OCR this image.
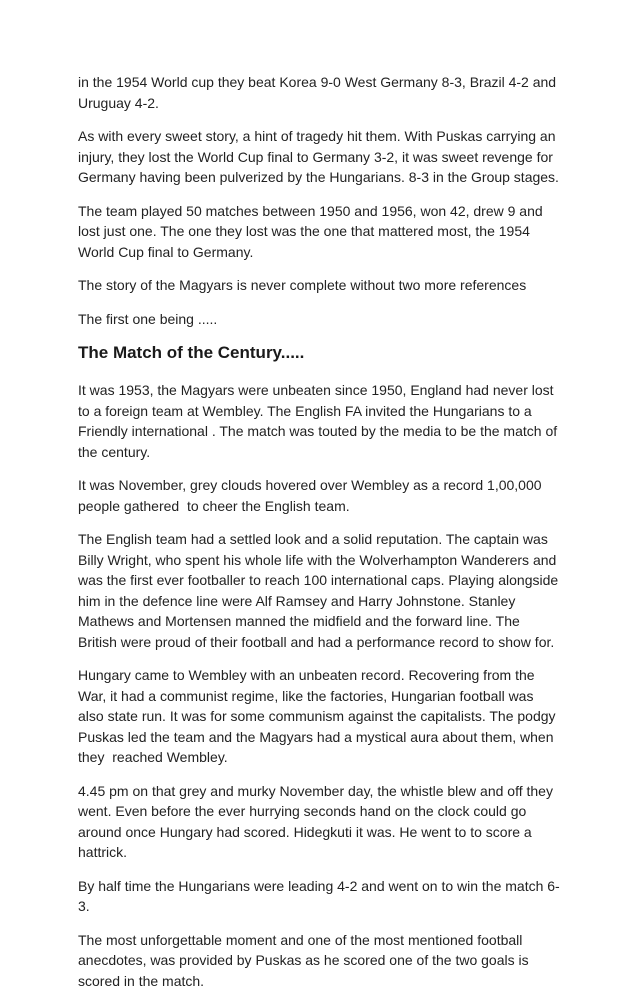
in the 1954 World cup they beat Korea 9-0 West Germany 8-3, Brazil 4-2 and Uruguay 4-2.

As with every sweet story, a hint of tragedy hit them. With Puskas carrying an injury, they lost the World Cup final to Germany 3-2, it was sweet revenge for Germany having been pulverized by the Hungarians. 8-3 in the Group stages.

The team played 50 matches between 1950 and 1956, won 42, drew 9 and lost just one. The one they lost was the one that mattered most, the 1954 World Cup final to Germany.

The story of the Magyars is never complete without two more references

The first one being .....

The Match of the Century.....

It was 1953, the Magyars were unbeaten since 1950, England had never lost to a foreign team at Wembley. The English FA invited the Hungarians to a Friendly international . The match was touted by the media to be the match of the century.

It was November, grey clouds hovered over Wembley as a record 1,00,000 people gathered  to cheer the English team.

The English team had a settled look and a solid reputation. The captain was Billy Wright, who spent his whole life with the Wolverhampton Wanderers and was the first ever footballer to reach 100 international caps. Playing alongside him in the defence line were Alf Ramsey and Harry Johnstone. Stanley Mathews and Mortensen manned the midfield and the forward line. The British were proud of their football and had a performance record to show for.

Hungary came to Wembley with an unbeaten record. Recovering from the War, it had a communist regime, like the factories, Hungarian football was also state run. It was for some communism against the capitalists. The podgy Puskas led the team and the Magyars had a mystical aura about them, when they  reached Wembley.

4.45 pm on that grey and murky November day, the whistle blew and off they went. Even before the ever hurrying seconds hand on the clock could go around once Hungary had scored. Hidegkuti it was. He went to to score a hattrick.

By half time the Hungarians were leading 4-2 and went on to win the match 6-3.

The most unforgettable moment and one of the most mentioned football anecdotes, was provided by Puskas as he scored one of the two goals is scored in the match.
